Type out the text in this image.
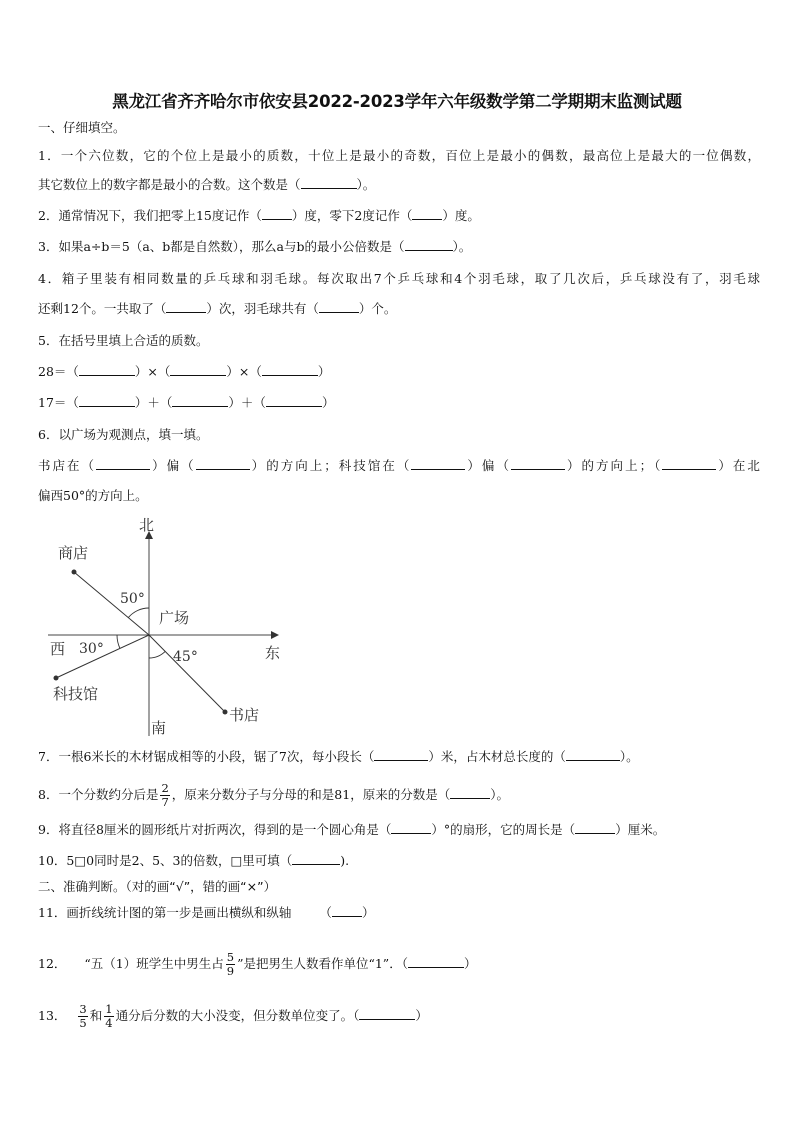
黑龙江省齐齐哈尔市依安县2022-2023学年六年级数学第二学期期末监测试题
一、仔细填空。
1．一个六位数，它的个位上是最小的质数，十位上是最小的奇数，百位上是最小的偶数，最高位上是最大的一位偶数，
其它数位上的数字都是最小的合数。这个数是（	）。
2．通常情况下，我们把零上15度记作（ ）度，零下2度记作（ ）度。
3．如果a÷b＝5（a、b都是自然数），那么a与b的最小公倍数是（	）。
4．箱子里装有相同数量的乒乓球和羽毛球。每次取出7个乒乓球和4个羽毛球，取了几次后，乒乓球没有了，羽毛球
还剩12个。一共取了（	）次，羽毛球共有（	）个。
5．在括号里填上合适的质数。
28＝（	）×（	）×（	）
17＝（	）＋（	）＋（	）
6．以广场为观测点，填一填。
书店在（	）偏（	）的方向上；科技馆在（	）偏（	）的方向上；（	）在北
偏西50°的方向上。
北
南
东
西
广场
商店
科技馆
书店
50°
30°	45°
7．一根6米长的木材锯成相等的小段，锯了7次，每小段长（	）米，占木材总长度的（	）。
8．一个分数约分后是 $\frac{2}{7}$ ，原来分数分子与分母的和是81，原来的分数是（	）。
9．将直径8厘米的圆形纸片对折两次，得到的是一个圆心角是（	）°的扇形，它的周长是（	）厘米。
10．5□0同时是2、5、3的倍数，□里可填（	).
二、准确判断。（对的画“√”，错的画“×”）
11．画折线统计图的第一步是画出横纵和纵轴 （ ）
12． “五（1）班学生中男生占 $\frac{5}{9}$ ”是把男生人数看作单位“1”．（	）
13． $\frac{3}{5}$ 和 $\frac{1}{4}$ 通分后分数的大小没变，但分数单位变了。（	）
